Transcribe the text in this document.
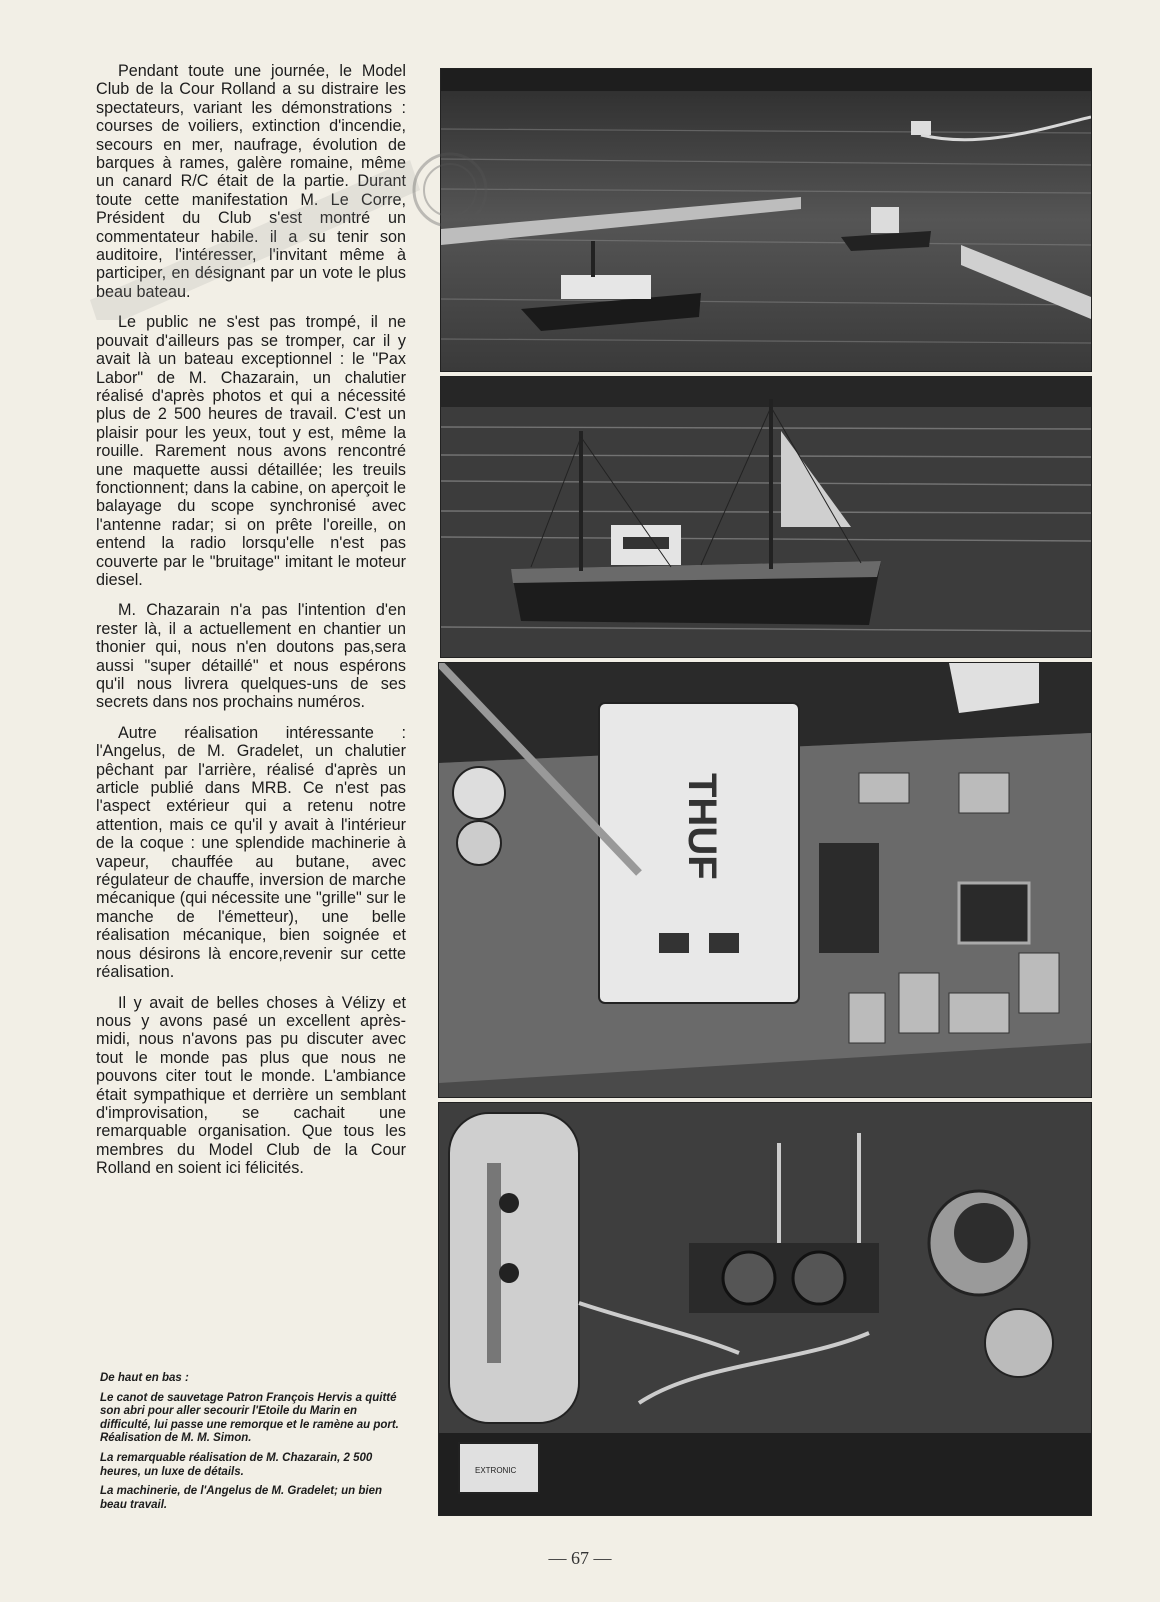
Pendant toute une journée, le Model Club de la Cour Rolland a su distraire les spectateurs, variant les démonstrations : courses de voiliers, extinction d'incendie, secours en mer, naufrage, évolution de barques à rames, galère romaine, même un canard R/C était de la partie. Durant toute cette manifestation M. Le Corre, Président du Club s'est montré un commentateur habile. il a su tenir son auditoire, l'intéresser, l'invitant même à participer, en désignant par un vote le plus beau bateau.

Le public ne s'est pas trompé, il ne pouvait d'ailleurs pas se tromper, car il y avait là un bateau exceptionnel : le "Pax Labor" de M. Chazarain, un chalutier réalisé d'après photos et qui a nécessité plus de 2 500 heures de travail. C'est un plaisir pour les yeux, tout y est, même la rouille. Rarement nous avons rencontré une maquette aussi détaillée; les treuils fonctionnent; dans la cabine, on aperçoit le balayage du scope synchronisé avec l'antenne radar; si on prête l'oreille, on entend la radio lorsqu'elle n'est pas couverte par le "bruitage" imitant le moteur diesel.

M. Chazarain n'a pas l'intention d'en rester là, il a actuellement en chantier un thonier qui, nous n'en doutons pas,sera aussi "super détaillé" et nous espérons qu'il nous livrera quelques-uns de ses secrets dans nos prochains numéros.

Autre réalisation intéressante : l'Angelus, de M. Gradelet, un chalutier pêchant par l'arrière, réalisé d'après un article publié dans MRB. Ce n'est pas l'aspect extérieur qui a retenu notre attention, mais ce qu'il y avait à l'intérieur de la coque : une splendide machinerie à vapeur, chauffée au butane, avec régulateur de chauffe, inversion de marche mécanique (qui nécessite une "grille" sur le manche de l'émetteur), une belle réalisation mécanique, bien soignée et nous désirons là encore,revenir sur cette réalisation.

Il y avait de belles choses à Vélizy et nous y avons pasé un excellent après-midi, nous n'avons pas pu discuter avec tout le monde pas plus que nous ne pouvons citer tout le monde. L'ambiance était sympathique et derrière un semblant d'improvisation, se cachait une remarquable organisation. Que tous les membres du Model Club de la Cour Rolland en soient ici félicités.

De haut en bas :

Le canot de sauvetage Patron François Hervis a quitté son abri pour aller secourir l'Etoile du Marin en difficulté, lui passe une remorque et le ramène au port. Réalisation de M. M. Simon.

La remarquable réalisation de M. Chazarain, 2 500 heures, un luxe de détails.

La machinerie, de l'Angelus de M. Gradelet; un bien beau travail.

THUF
EXTRONIC
— 67 —
